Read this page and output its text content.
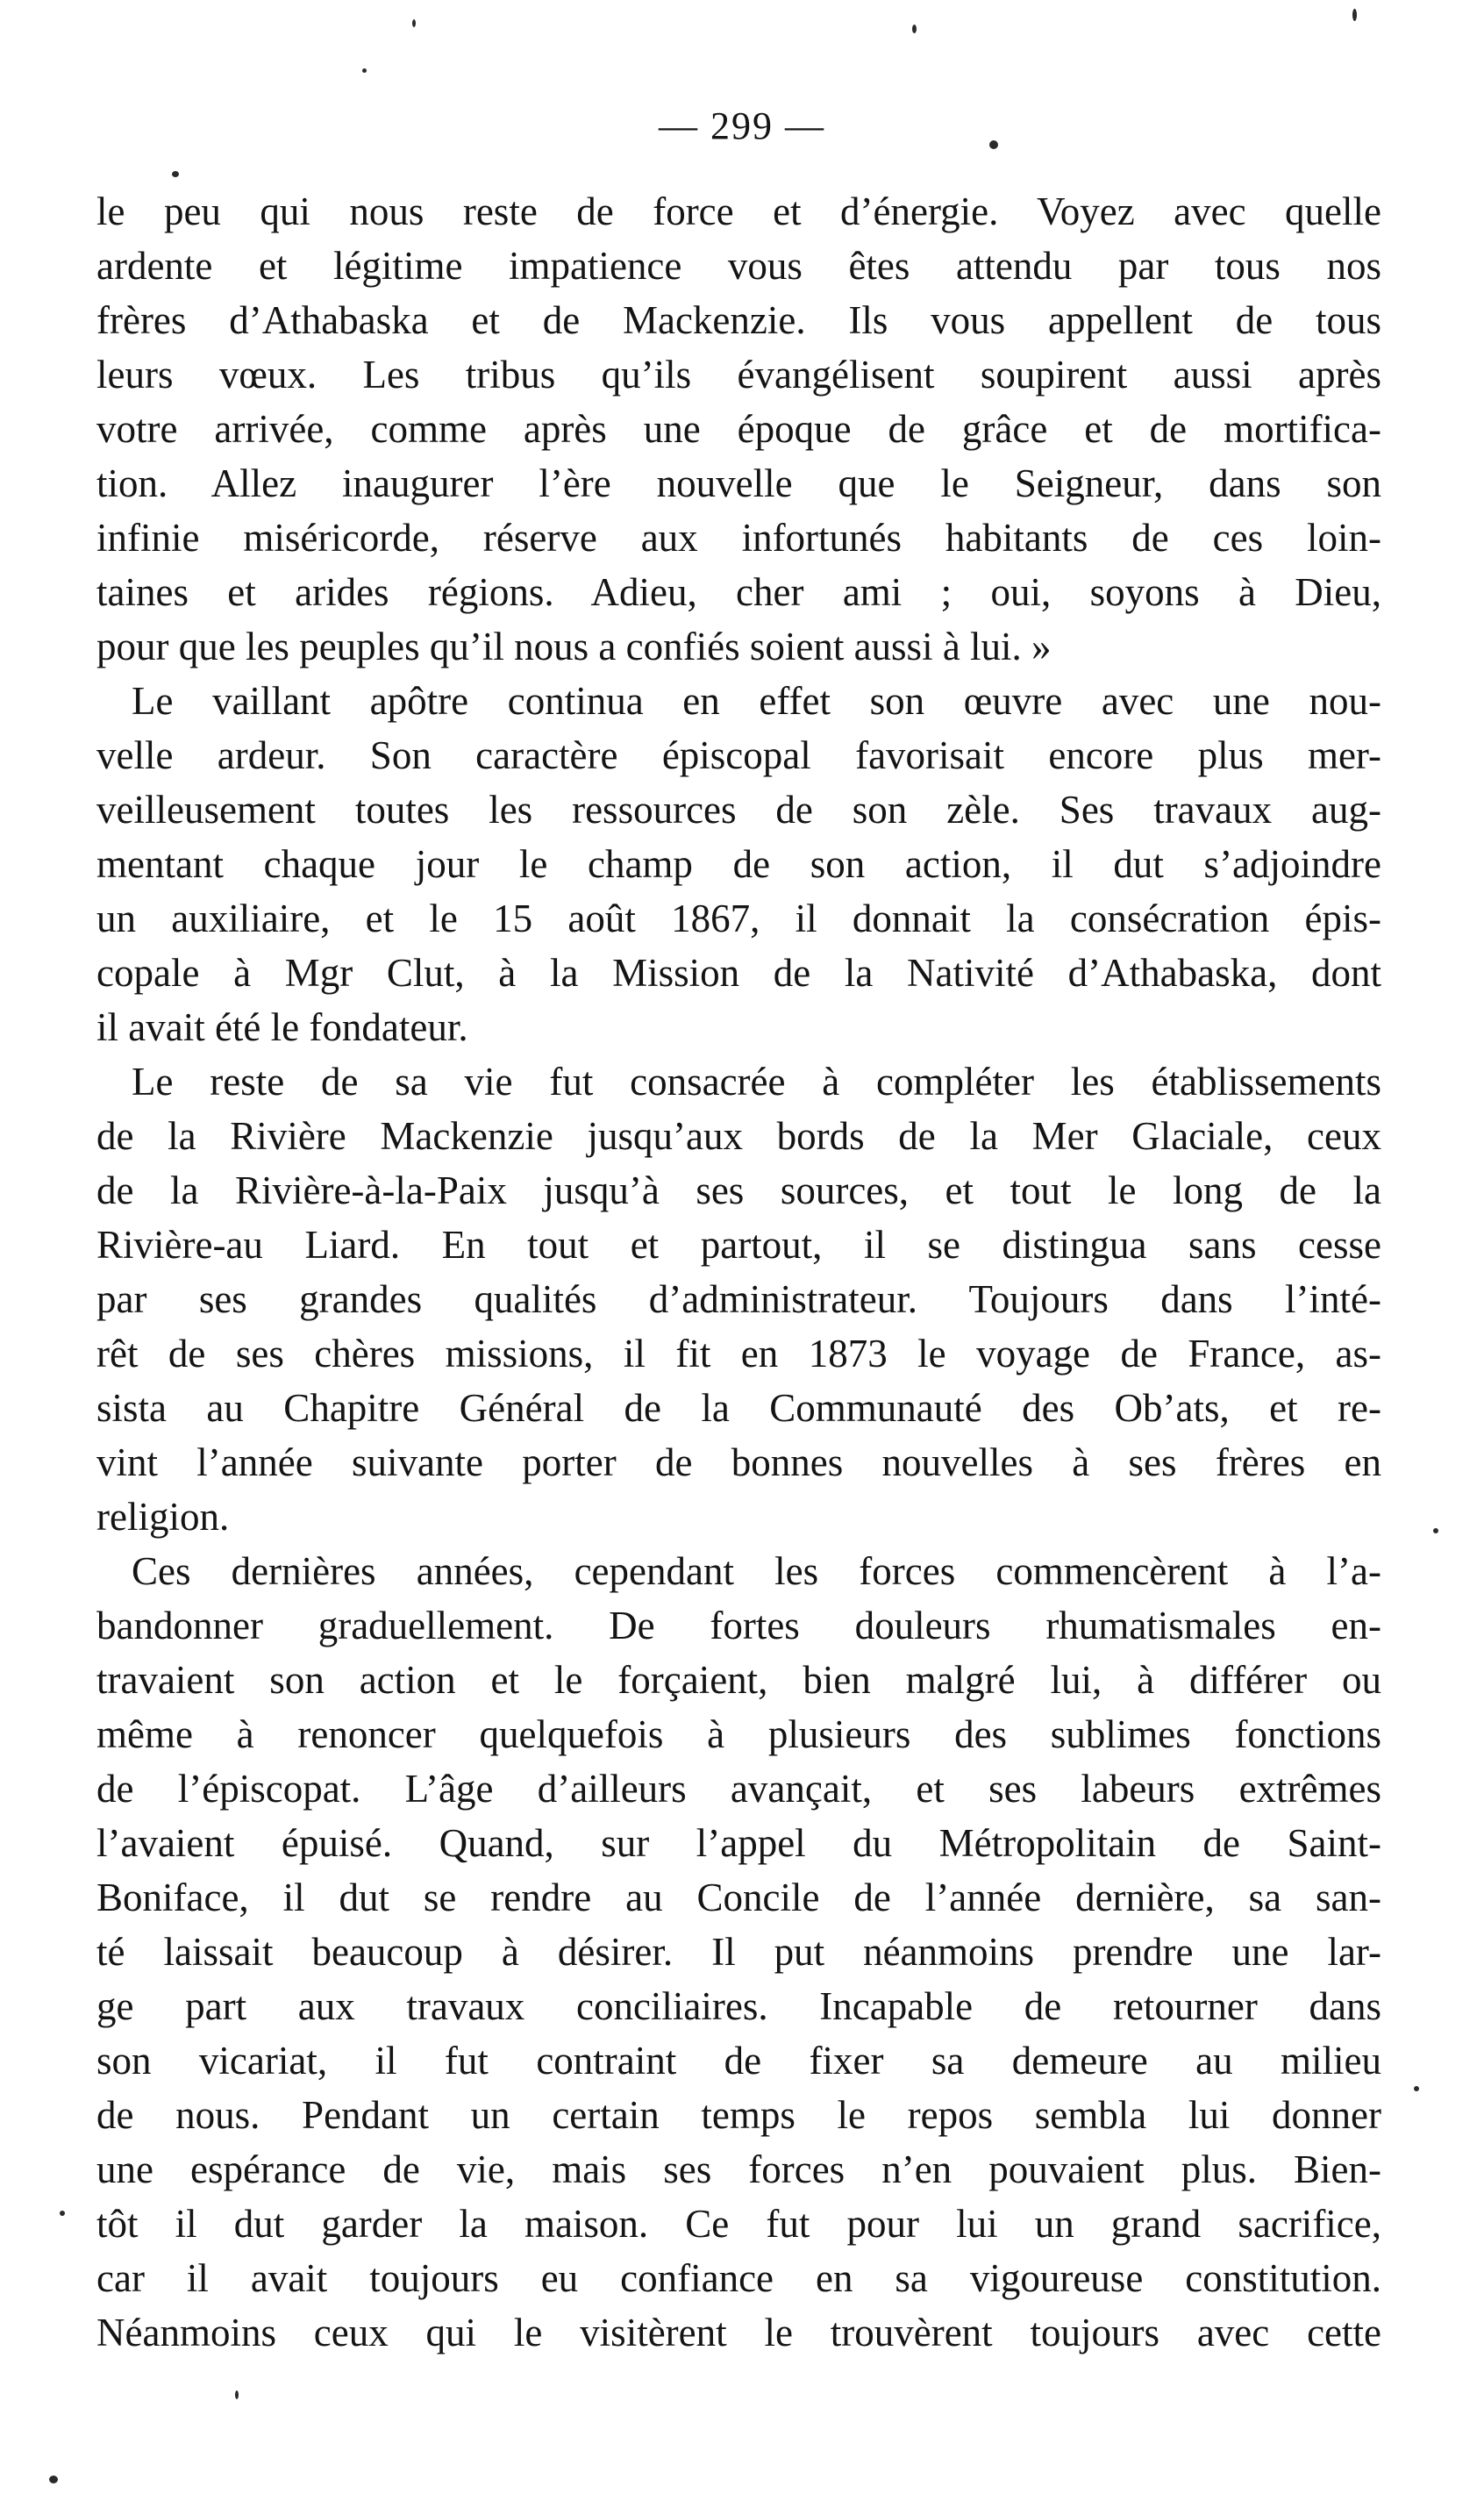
— 299 —
le peu qui nous reste de force et d’énergie. Voyez avec quelle
ardente et légitime impatience vous êtes attendu par tous nos
frères d’Athabaska et de Mackenzie. Ils vous appellent de tous
leurs vœux. Les tribus qu’ils évangélisent soupirent aussi après
votre arrivée, comme après une époque de grâce et de mortifica-
tion. Allez inaugurer l’ère nouvelle que le Seigneur, dans son
infinie miséricorde, réserve aux infortunés habitants de ces loin-
taines et arides régions. Adieu, cher ami ; oui, soyons à Dieu,
pour que les peuples qu’il nous a confiés soient aussi à lui. »
Le vaillant apôtre continua en effet son œuvre avec une nou-
velle ardeur. Son caractère épiscopal favorisait encore plus mer-
veilleusement toutes les ressources de son zèle. Ses travaux aug-
mentant chaque jour le champ de son action, il dut s’adjoindre
un auxiliaire, et le 15 août 1867, il donnait la consécration épis-
copale à Mgr Clut, à la Mission de la Nativité d’Athabaska, dont
il avait été le fondateur.
Le reste de sa vie fut consacrée à compléter les établissements
de la Rivière Mackenzie jusqu’aux bords de la Mer Glaciale, ceux
de la Rivière-à-la-Paix jusqu’à ses sources, et tout le long de la
Rivière-au Liard. En tout et partout, il se distingua sans cesse
par ses grandes qualités d’administrateur. Toujours dans l’inté-
rêt de ses chères missions, il fit en 1873 le voyage de France, as-
sista au Chapitre Général de la Communauté des Ob’ats, et re-
vint l’année suivante porter de bonnes nouvelles à ses frères en
religion.
Ces dernières années, cependant les forces commencèrent à l’a-
bandonner graduellement. De fortes douleurs rhumatismales en-
travaient son action et le forçaient, bien malgré lui, à différer ou
même à renoncer quelquefois à plusieurs des sublimes fonctions
de l’épiscopat. L’âge d’ailleurs avançait, et ses labeurs extrêmes
l’avaient épuisé. Quand, sur l’appel du Métropolitain de Saint-
Boniface, il dut se rendre au Concile de l’année dernière, sa san-
té laissait beaucoup à désirer. Il put néanmoins prendre une lar-
ge part aux travaux conciliaires. Incapable de retourner dans
son vicariat, il fut contraint de fixer sa demeure au milieu
de nous. Pendant un certain temps le repos sembla lui donner
une espérance de vie, mais ses forces n’en pouvaient plus. Bien-
tôt il dut garder la maison. Ce fut pour lui un grand sacrifice,
car il avait toujours eu confiance en sa vigoureuse constitution.
Néanmoins ceux qui le visitèrent le trouvèrent toujours avec cette
